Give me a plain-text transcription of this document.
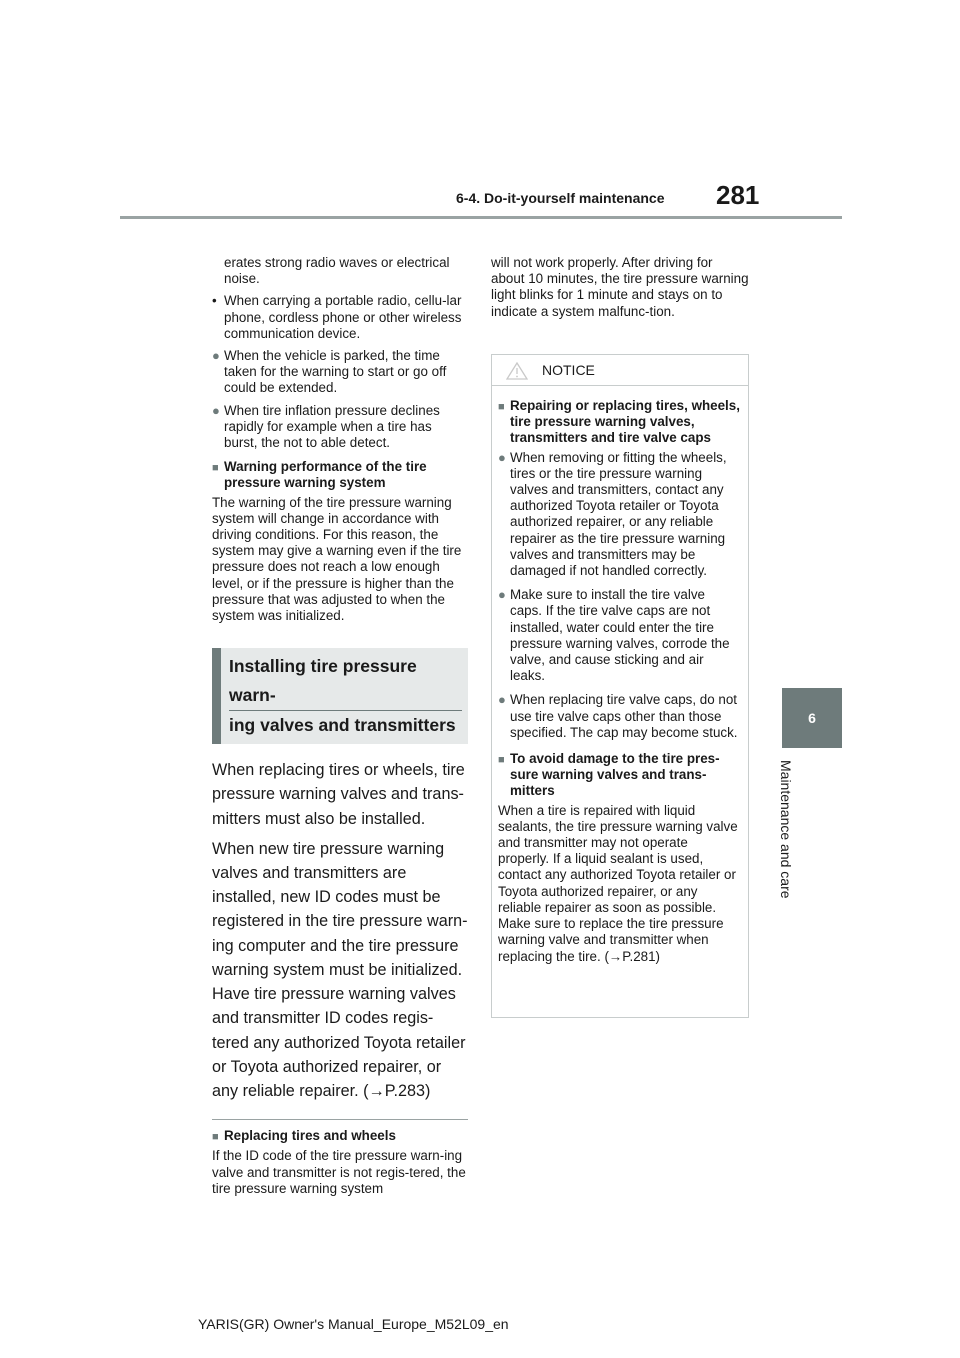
6-4. Do-it-yourself maintenance 281
6
Maintenance and care

erates strong radio waves or electrical noise.

• When carrying a portable radio, cellu-lar phone, cordless phone or other wireless communication device.
● When the vehicle is parked, the time taken for the warning to start or go off could be extended.
● When tire inflation pressure declines rapidly for example when a tire has burst, the not to able detect.
■ Warning performance of the tire pressure warning system

The warning of the tire pressure warning system will change in accordance with driving conditions. For this reason, the system may give a warning even if the tire pressure does not reach a low enough level, or if the pressure is higher than the pressure that was adjusted to when the system was initialized.

Installing tire pressure warn-
ing valves and transmitters

When replacing tires or wheels, tire pressure warning valves and trans-mitters must also be installed.

When new tire pressure warning valves and transmitters are installed, new ID codes must be registered in the tire pressure warn-ing computer and the tire pressure warning system must be initialized. Have tire pressure warning valves and transmitter ID codes regis-tered any authorized Toyota retailer or Toyota authorized repairer, or any reliable repairer. (→P.283)

■ Replacing tires and wheels

If the ID code of the tire pressure warn-ing valve and transmitter is not regis-tered, the tire pressure warning system

will not work properly. After driving for about 10 minutes, the tire pressure warning light blinks for 1 minute and stays on to indicate a system malfunc-tion.

NOTICE
■ Repairing or replacing tires, wheels, tire pressure warning valves, transmitters and tire valve caps
● When removing or fitting the wheels, tires or the tire pressure warning valves and transmitters, contact any authorized Toyota retailer or Toyota authorized repairer, or any reliable repairer as the tire pressure warning valves and transmitters may be damaged if not handled correctly.
● Make sure to install the tire valve caps. If the tire valve caps are not installed, water could enter the tire pressure warning valves, corrode the valve, and cause sticking and air leaks.
● When replacing tire valve caps, do not use tire valve caps other than those specified. The cap may become stuck.
■ To avoid damage to the tire pres-sure warning valves and trans-mitters

When a tire is repaired with liquid sealants, the tire pressure warning valve and transmitter may not operate properly. If a liquid sealant is used, contact any authorized Toyota retailer or Toyota authorized repairer, or any reliable repairer as soon as possible. Make sure to replace the tire pressure warning valve and transmitter when replacing the tire. (→P.281)

YARIS(GR) Owner's Manual_Europe_M52L09_en
